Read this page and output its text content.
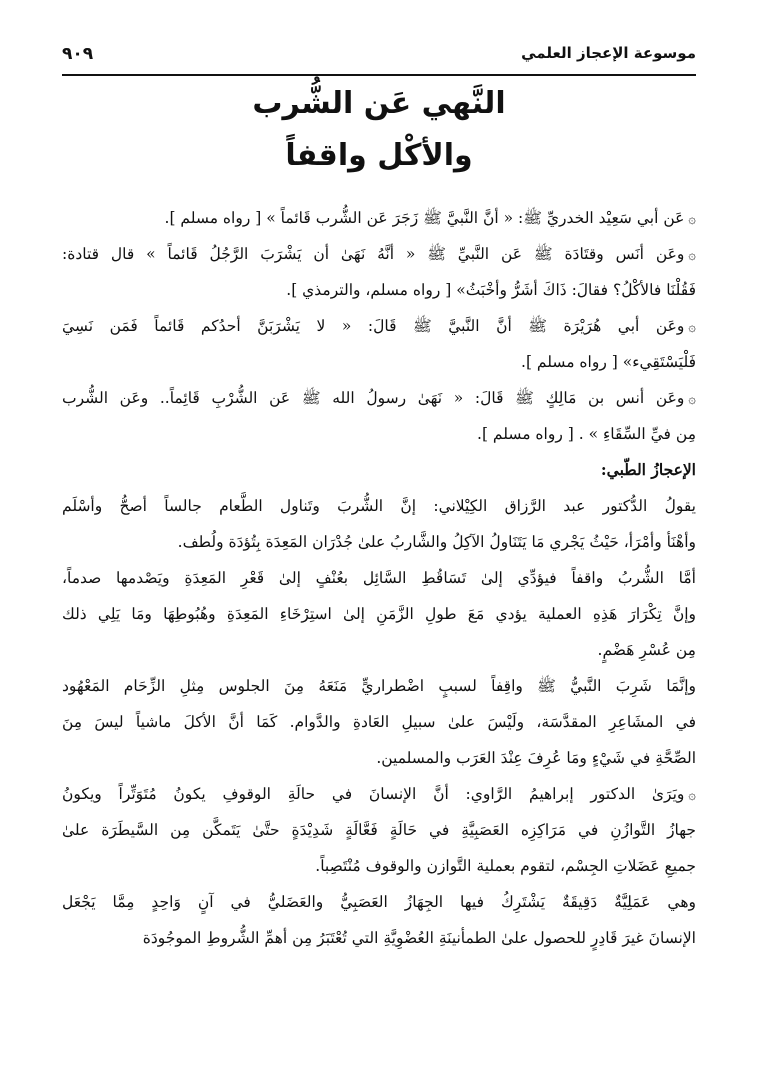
موسوعة الإعجاز العلمي
٩٠٩
النَّهي عَن الشُّرب
والأكْل واقفاً
۞عَن أبي سَعِيْد الخدريِّ ﷺ: « أنَّ النَّبيَّ ﷺ زَجَرَ عَن الشُّرب قَائماً » [ رواه مسلم ].
۞وعَن أنَس وقتَادَة ﷺ عَن النَّبيِّ ﷺ « أنَّهُ نَهَىٰ أن يَشْرَبَ الرَّجُلُ قَائماً » قال قتادة:
فَقُلْنَا فالأكْلُ؟ فقالَ: ذَاكَ أشَرُّ وأخْبَثُ» [ رواه مسلم، والترمذي ].
۞وعَن أبي هُرَيْرَة ﷺ أنَّ النَّبيَّ ﷺ قَالَ: « لا يَشْرَبَنَّ أحدُكم قَائماً فَمَن نَسِيَ
فَلْيَسْتَقِيء» [ رواه مسلم ].
۞وعَن أنس بن مَالِكٍ ﷺ قَالَ: « نَهَىٰ رسولُ الله ﷺ عَن الشُّرْبِ قَائِماً.. وعَن الشُّرب
مِن فيِّ السِّقَاءِ » . [ رواه مسلم ].
الإعجازُ الطّبي:
يقولُ الدُّكتور عبد الرَّزاق الكِيْلاني: إنَّ الشُّربَ وتَناول الطَّعام جالساً أصحُّ وأسْلَم
وأهْنَأ وأمْرَأ، حَيْثُ يَجْري مَا يَتَنَاولُ الآكِلُ والشَّاربُ علىٰ جُدْرَان المَعِدَة بِتُؤدَة ولُطف.
أمَّا الشُّربُ واقفاً فيؤدِّي إلىٰ تَسَاقُطِ السَّائِل بعُنْفٍ إلىٰ قَعْرِ المَعِدَةِ ويَصْدمها صدماً،
وإنَّ تِكْرَارَ هَذِهِ العملية يؤدي مَعَ طولِ الزَّمَنِ إلىٰ استِرْخَاءِ المَعِدَةِ وهُبُوطِهَا ومَا يَلِي ذلك
مِن عُسْرِ هَضْمٍ.
وإنَّمَا شَرِبَ النَّبيُّ ﷺ واقِفاً لسببٍ اضْطراريٍّ مَنَعَهُ مِنَ الجلوس مِثلِ الزِّحَام المَعْهُود
في المشَاعِرِ المقدَّسَة، ولَيْسَ علىٰ سبيلِ العَادةِ والدَّوام. كَمَا أنَّ الأكلَ ماشياً ليسَ مِنَ
الصِّحَّةِ في شَيْءٍ ومَا عُرِفَ عِنْدَ العَرَب والمسلمين.
۞ويَرَىٰ الدكتور إبراهيمُ الرَّاوي: أنَّ الإنسانَ في حالَةِ الوقوفِ يكونُ مُتَوَتِّراً ويكونُ
جهازُ التَّوازُنِ في مَرَاكِزِه العَصَبِيَّةِ في حَالَةٍ فَعَّالَةٍ شَدِيْدَةٍ حتَّىٰ يَتَمكَّن مِن السَّيطَرَة علىٰ
جميعِ عَضَلاتِ الجِسْم، لتقوم بعملية التَّوازن والوقوف مُنْتَصِباً.
وهي عَمَلِيَّةٌ دَقِيقَةٌ يَشْتَرِكُ فيها الجِهَازُ العَصَبِيُّ والعَضَليُّ في آنٍ وَاحِدٍ مِمَّا يَجْعَل
الإنسانَ غيرَ قَادِرٍ للحصول علىٰ الطمأنينَةِ العُضْوِيَّةِ التي تُعْتَبَرُ مِن أهمِّ الشُّروطِ الموجُودَة
